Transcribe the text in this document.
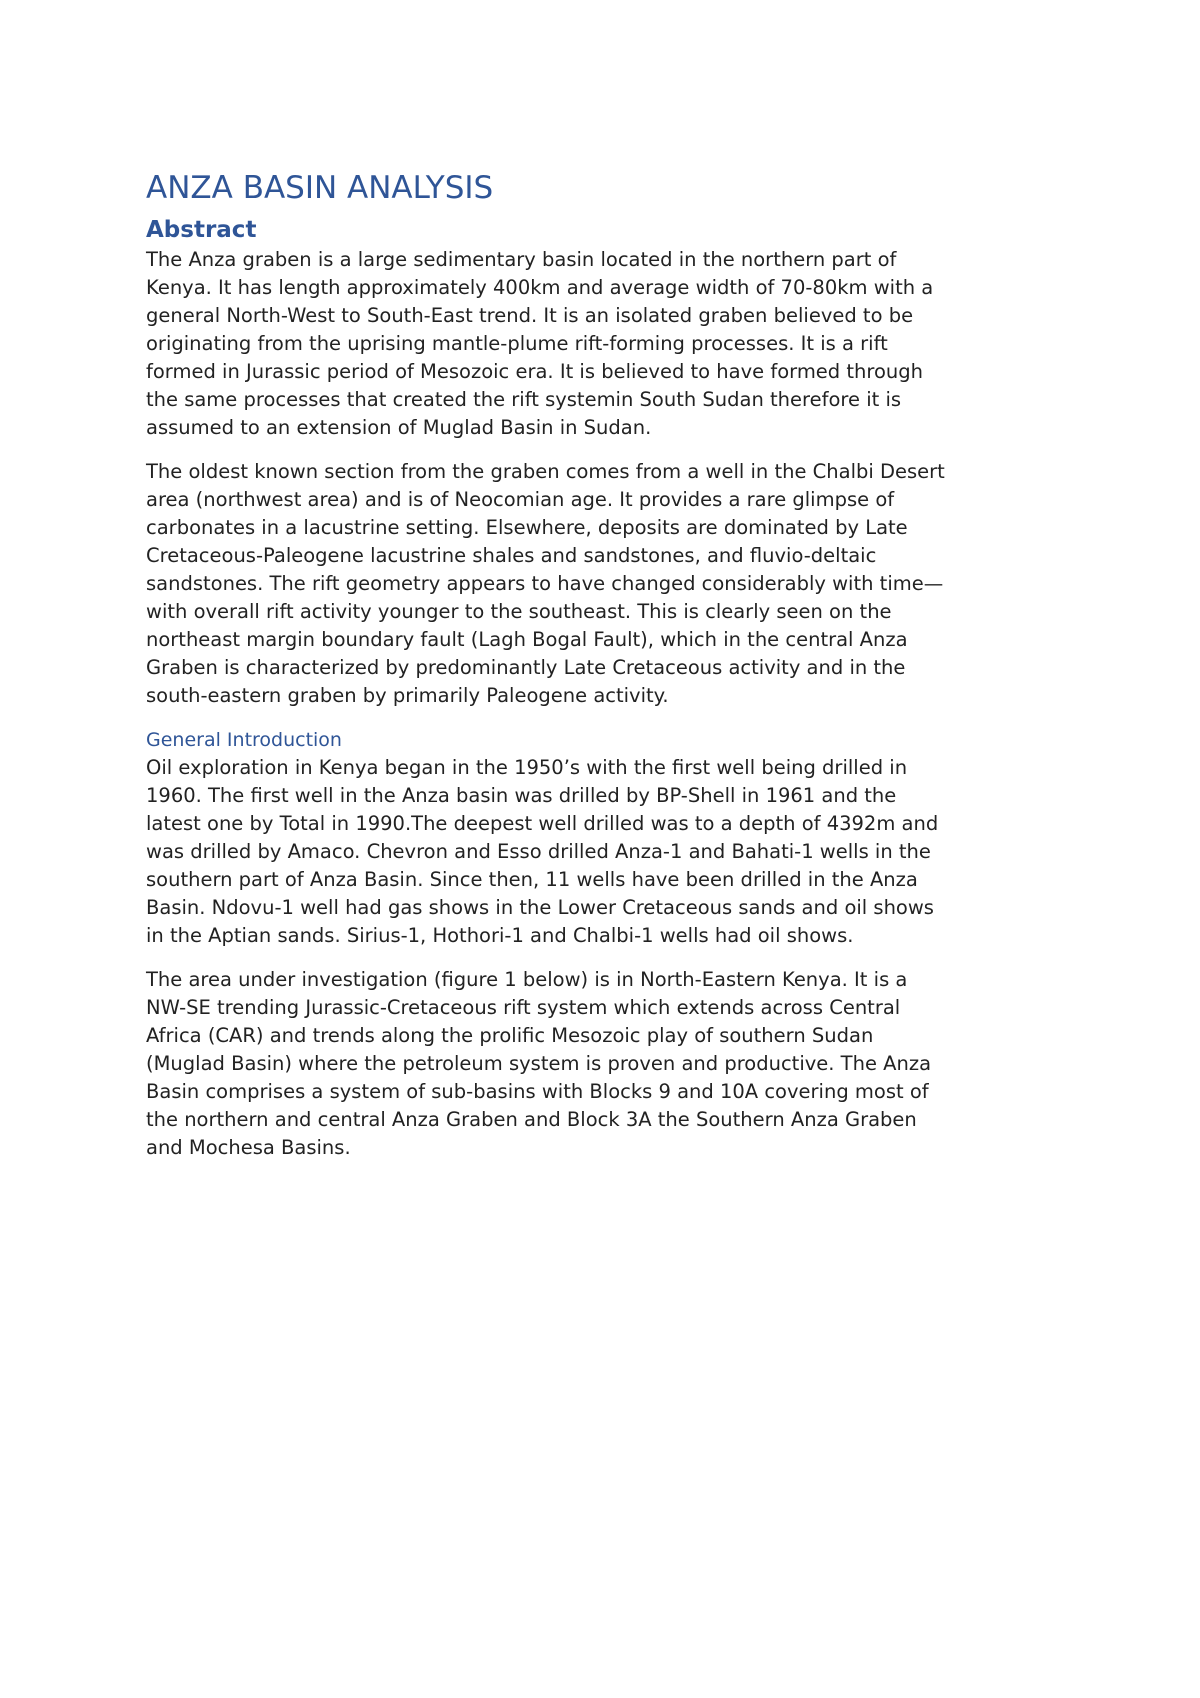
ANZA BASIN ANALYSIS
Abstract

The Anza graben is a large sedimentary basin located in the northern part of
Kenya. It has length approximately 400km and average width of 70-80km with a
general North-West to South-East trend. It is an isolated graben believed to be
originating from the uprising mantle-plume rift-forming processes. It is a rift
formed in Jurassic period of Mesozoic era. It is believed to have formed through
the same processes that created the rift systemin South Sudan therefore it is
assumed to an extension of Muglad Basin in Sudan.

The oldest known section from the graben comes from a well in the Chalbi Desert
area (northwest area) and is of Neocomian age. It provides a rare glimpse of
carbonates in a lacustrine setting. Elsewhere, deposits are dominated by Late
Cretaceous-Paleogene lacustrine shales and sandstones, and fluvio-deltaic
sandstones. The rift geometry appears to have changed considerably with time—
with overall rift activity younger to the southeast. This is clearly seen on the
northeast margin boundary fault (Lagh Bogal Fault), which in the central Anza
Graben is characterized by predominantly Late Cretaceous activity and in the
south-eastern graben by primarily Paleogene activity.

General Introduction

Oil exploration in Kenya began in the 1950’s with the first well being drilled in
1960. The first well in the Anza basin was drilled by BP-Shell in 1961 and the
latest one by Total in 1990.The deepest well drilled was to a depth of 4392m and
was drilled by Amaco. Chevron and Esso drilled Anza-1 and Bahati-1 wells in the
southern part of Anza Basin. Since then, 11 wells have been drilled in the Anza
Basin. Ndovu-1 well had gas shows in the Lower Cretaceous sands and oil shows
in the Aptian sands. Sirius-1, Hothori-1 and Chalbi-1 wells had oil shows.

The area under investigation (figure 1 below) is in North-Eastern Kenya. It is a
NW-SE trending Jurassic-Cretaceous rift system which extends across Central
Africa (CAR) and trends along the prolific Mesozoic play of southern Sudan
(Muglad Basin) where the petroleum system is proven and productive. The Anza
Basin comprises a system of sub-basins with Blocks 9 and 10A covering most of
the northern and central Anza Graben and Block 3A the Southern Anza Graben
and Mochesa Basins.
